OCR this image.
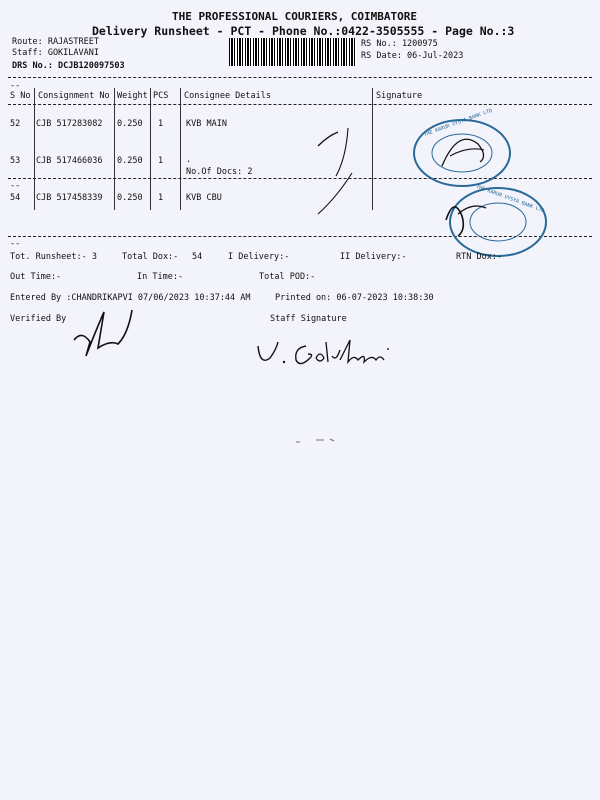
THE PROFESSIONAL COURIERS, COIMBATORE
Delivery Runsheet - PCT - Phone No.:0422-3505555 - Page No.:3
Route: RAJASTREET
Staff: GOKILAVANI
DRS No.: DCJB120097503
RS No.: 1200975
RS Date: 06-Jul-2023
--
S No Consignment No Weight PCS Consignee Details	Signature
52 CJB 517283082 0.250 1	KVB MAIN
53 CJB 517466036 0.250 1	.
No.Of Docs: 2
--
54 CJB 517458339 0.250 1	KVB CBU
--
THE KARUR VYSYA BANK LTD
THE KARUR VYSYA BANK LTD
Tot. Runsheet:- 3	Total Dox:- 54	I Delivery:-	II Delivery:-	RTN Dox:-
Out Time:-	In Time:-	Total POD:-
Entered By :CHANDRIKAPVI 07/06/2023 10:37:44 AM	Printed on: 06-07-2023 10:38:30
Verified By	Staff Signature
